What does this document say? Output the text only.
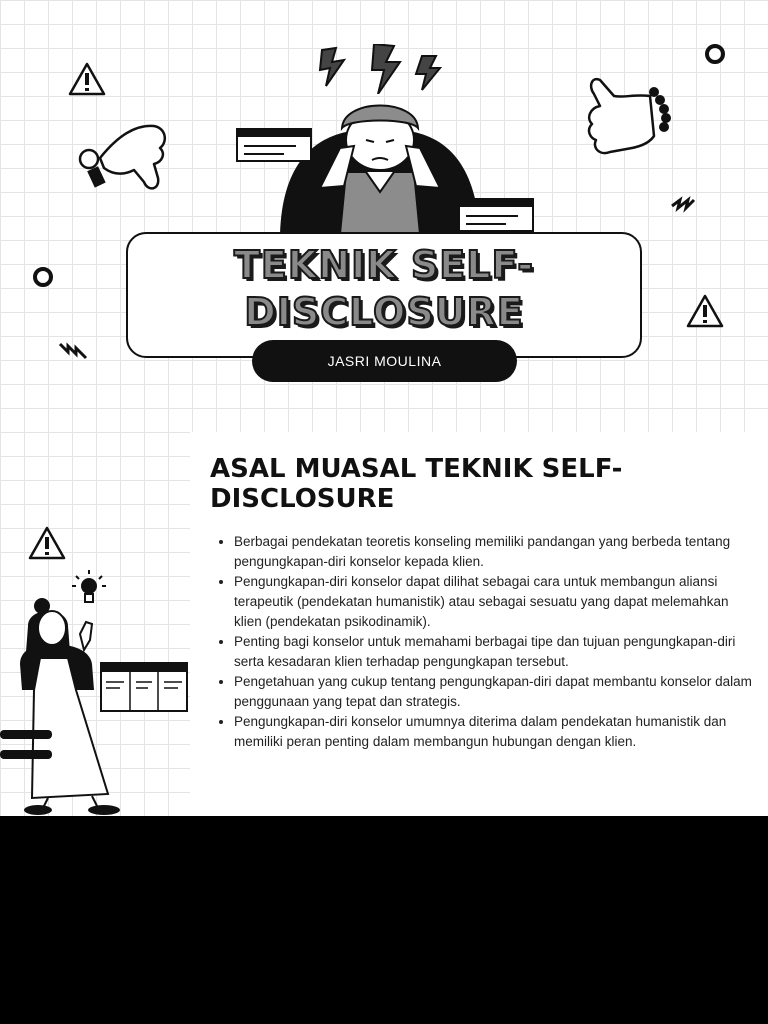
TEKNIK SELF-DISCLOSURE
JASRI MOULINA
ASAL MUASAL TEKNIK SELF-DISCLOSURE
• Berbagai pendekatan teoretis konseling memiliki pandangan yang berbeda tentang pengungkapan-diri konselor kepada klien.
• Pengungkapan-diri konselor dapat dilihat sebagai cara untuk membangun aliansi terapeutik (pendekatan humanistik) atau sebagai sesuatu yang dapat melemahkan klien (pendekatan psikodinamik).
• Penting bagi konselor untuk memahami berbagai tipe dan tujuan pengungkapan-diri serta kesadaran klien terhadap pengungkapan tersebut.
• Pengetahuan yang cukup tentang pengungkapan-diri dapat membantu konselor dalam penggunaan yang tepat dan strategis.
• Pengungkapan-diri konselor umumnya diterima dalam pendekatan humanistik dan memiliki peran penting dalam membangun hubungan dengan klien.
